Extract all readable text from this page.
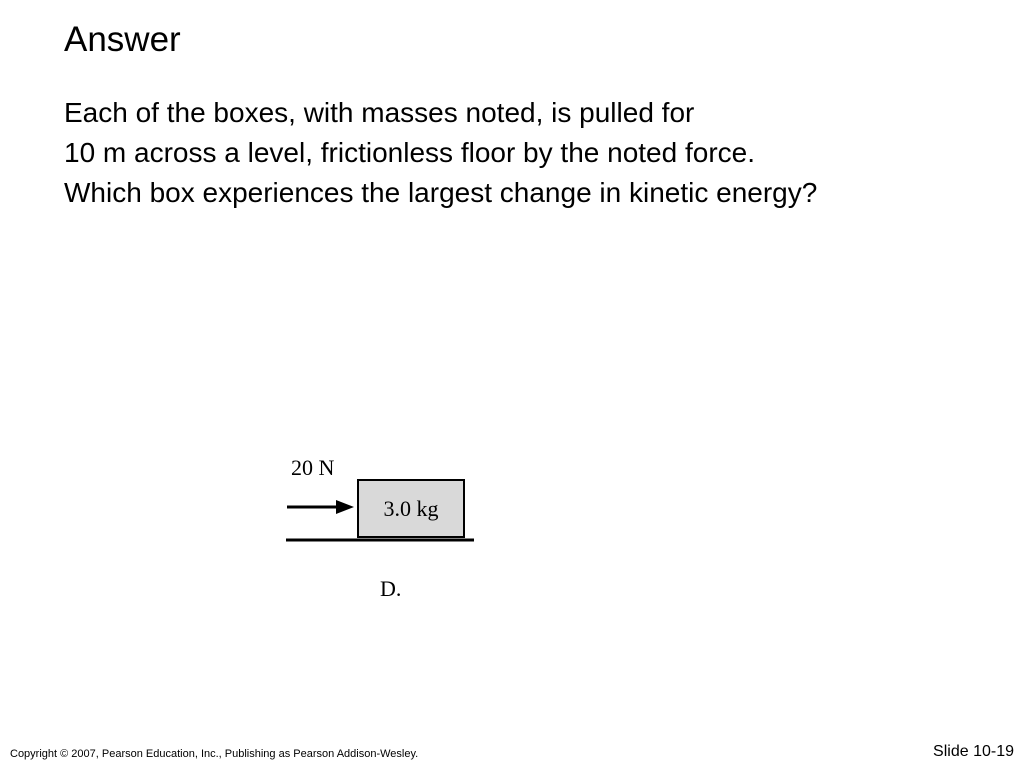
Answer
Each of the boxes, with masses noted, is pulled for
10 m across a level, frictionless floor by the noted force.
Which box experiences the largest change in kinetic energy?
20 N
3.0 kg
D.
Copyright © 2007, Pearson Education, Inc., Publishing as Pearson Addison-Wesley.	Slide 10-19
